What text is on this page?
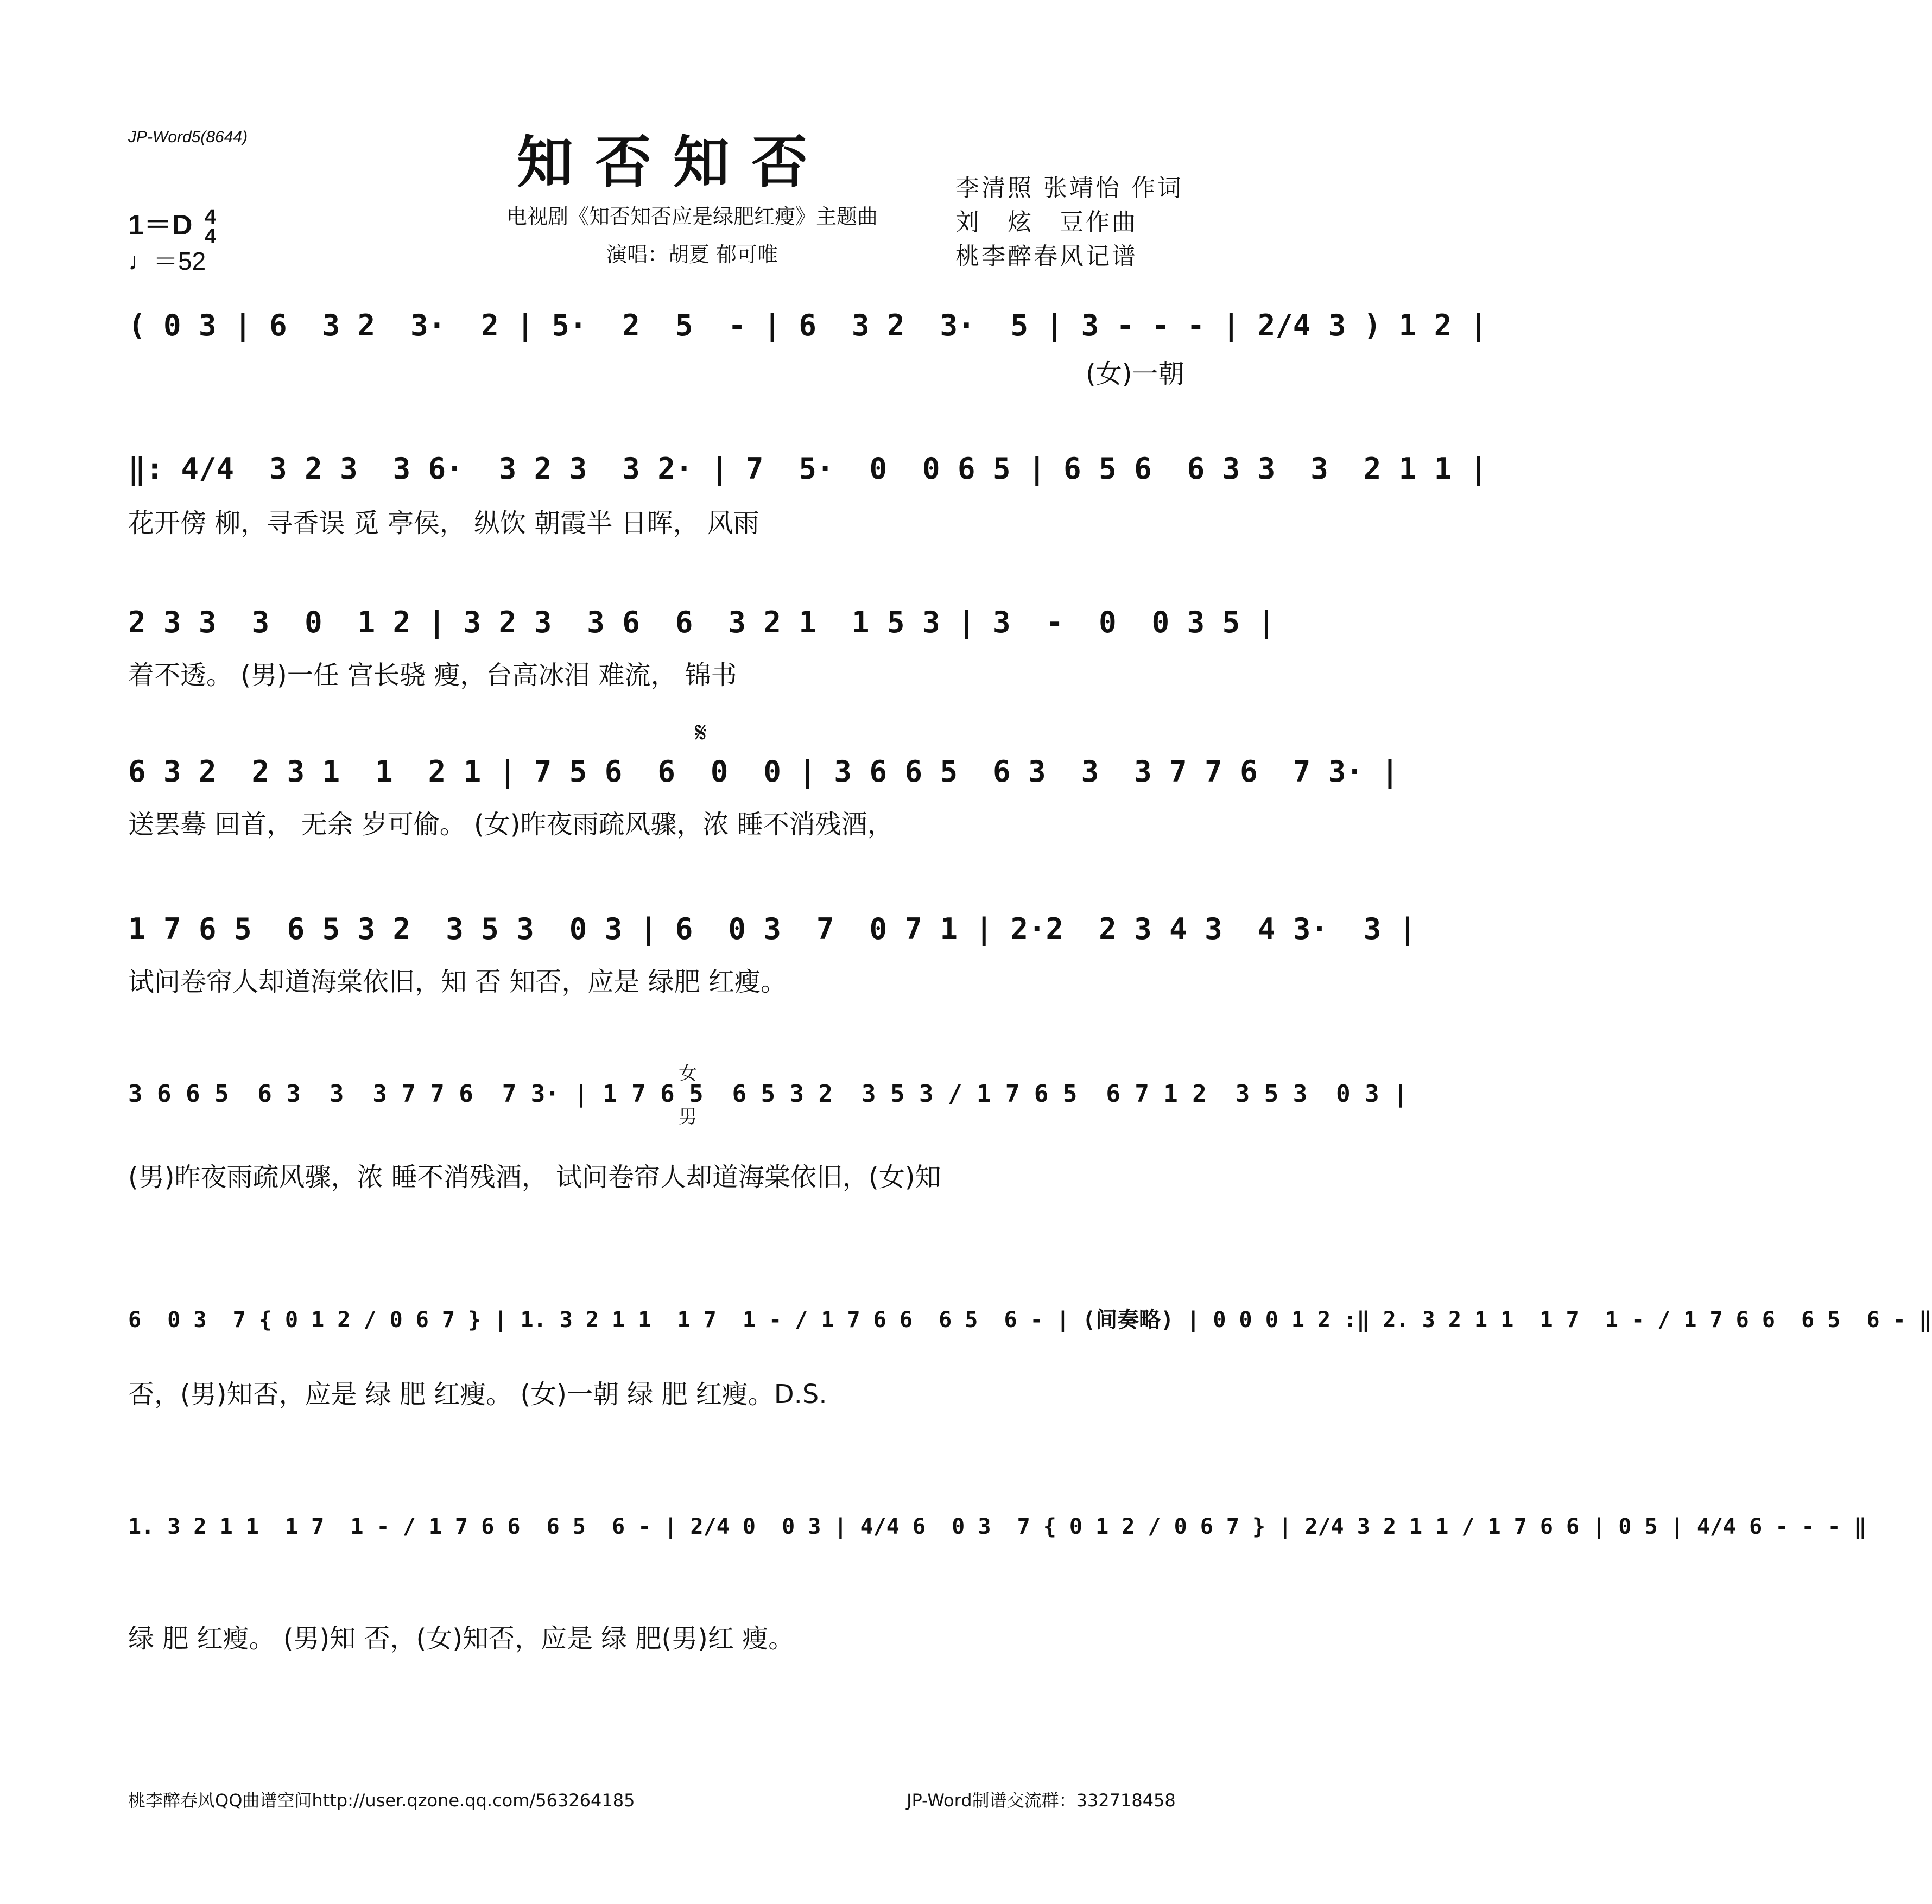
JP-Word5(8644)	知否知否
电视剧《知否知否应是绿肥红瘦》主题曲
演唱：胡夏 郁可唯
李清照 张靖怡 作词
刘　炫　豆作曲
桃李醉春风记谱
1＝D 4
4
♩＝52
( 0 3 | 6  3 2  3·  2 | 5·  2  5  - | 6  3 2  3·  5 | 3 - - - | 2/4 3 ) 1 2 |
(女)一朝
‖: 4/4  3 2 3  3 6·  3 2 3  3 2· | 7  5·  0  0 6 5 | 6 5 6  6 3 3  3  2 1 1 |
花开傍 柳，寻香误 觅 亭侯， 纵饮 朝霞半 日晖， 风雨
2 3 3  3  0  1 2 | 3 2 3  3 6  6  3 2 1  1 5 3 | 3  -  0  0 3 5 |
着不透。 (男)一任 宫长骁 瘦，台高冰泪 难流， 锦书
𝄋
6 3 2  2 3 1  1  2 1 | 7 5 6  6  0  0 | 3 6 6 5  6 3  3  3 7 7 6  7 3· |
送罢蓦 回首， 无余 岁可偷。 (女)昨夜雨疏风骤，浓 睡不消残酒，
1 7 6 5  6 5 3 2  3 5 3  0 3 | 6  0 3  7  0 7 1 | 2·2  2 3 4 3  4 3·  3 |
试问卷帘人却道海棠依旧，知 否 知否，应是 绿肥 红瘦。
3 6 6 5  6 3  3  3 7 7 6  7 3· | 1 7 6 5  6 5 3 2  3 5 3 / 1 7 6 5  6 7 1 2  3 5 3  0 3 |
女
男
(男)昨夜雨疏风骤，浓 睡不消残酒， 试问卷帘人却道海棠依旧，(女)知
6  0 3  7 { 0 1 2 / 0 6 7 } | 1. 3 2 1 1  1 7  1 - / 1 7 6 6  6 5  6 - | (间奏略) | 0 0 0 1 2 :‖ 2. 3 2 1 1  1 7  1 - / 1 7 6 6  6 5  6 - ‖
否，(男)知否，应是 绿 肥 红瘦。 (女)一朝 绿 肥 红瘦。D.S.
1. 3 2 1 1  1 7  1 - / 1 7 6 6  6 5  6 - | 2/4 0  0 3 | 4/4 6  0 3  7 { 0 1 2 / 0 6 7 } | 2/4 3 2 1 1 / 1 7 6 6 | 0 5 | 4/4 6 - - - ‖
绿 肥 红瘦。 (男)知 否，(女)知否，应是 绿 肥(男)红 瘦。
桃李醉春风QQ曲谱空间http://user.qzone.qq.com/563264185	JP-Word制谱交流群：332718458
